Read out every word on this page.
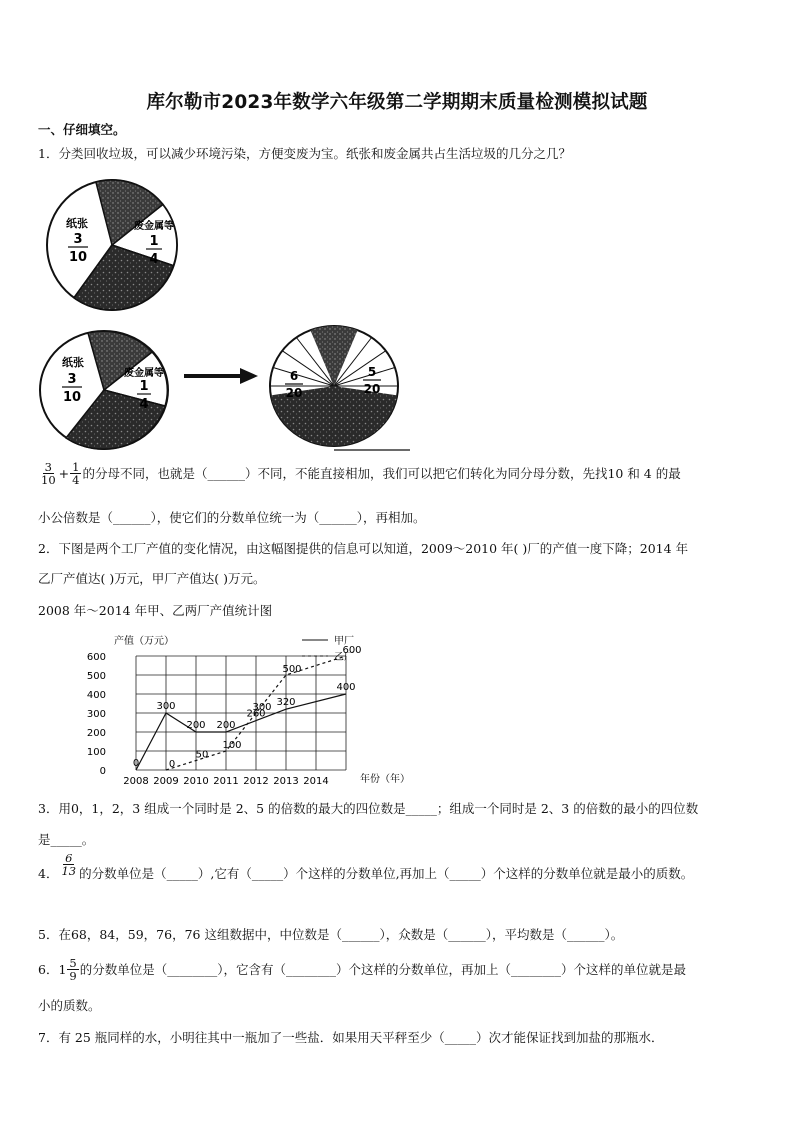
库尔勒市2023年数学六年级第二学期期末质量检测模拟试题
一、仔细填空。
1．分类回收垃圾，可以减少环境污染，方便变废为宝。纸张和废金属共占生活垃圾的几分之几？
纸张
3
10
废金属等
1
4
纸张
3
10
废金属等
1
4
6
20
5
20
$\frac{3}{10} + \frac{1}{4}$ 的分母不同，也就是（______）不同，不能直接相加，我们可以把它们转化为同分母分数，先找10 和 4 的最
小公倍数是（______），使它们的分数单位统一为（______），再相加。
2．下图是两个工厂产值的变化情况，由这幅图提供的信息可以知道，2009～2010 年( )厂的产值一度下降；2014 年
乙厂产值达( )万元，甲厂产值达( )万元。
2008 年～2014 年甲、乙两厂产值统计图
0
100
200
300
400
500
600
产值（万元）
2008 2009 2010 2011 2012 2013 2014	年份（年）
0
300
200 200
260
320
400
甲厂
0
50
100
300
500
600
乙厂
3．用0，1，2，3 组成一个同时是 2、5 的倍数的最大的四位数是_____；组成一个同时是 2、3 的倍数的最小的四位数
是_____。
4． $\frac{6}{13}$ 的分数单位是（_____）,它有（_____）个这样的分数单位,再加上（_____）个这样的分数单位就是最小的质数。
5．在68，84，59，76，76 这组数据中，中位数是（______），众数是（______），平均数是（______）。
6． $1 \frac{5}{9}$ 的分数单位是（________），它含有（________）个这样的分数单位，再加上（________）个这样的单位就是最
小的质数。
7．有 25 瓶同样的水，小明往其中一瓶加了一些盐．如果用天平秤至少（_____）次才能保证找到加盐的那瓶水．
